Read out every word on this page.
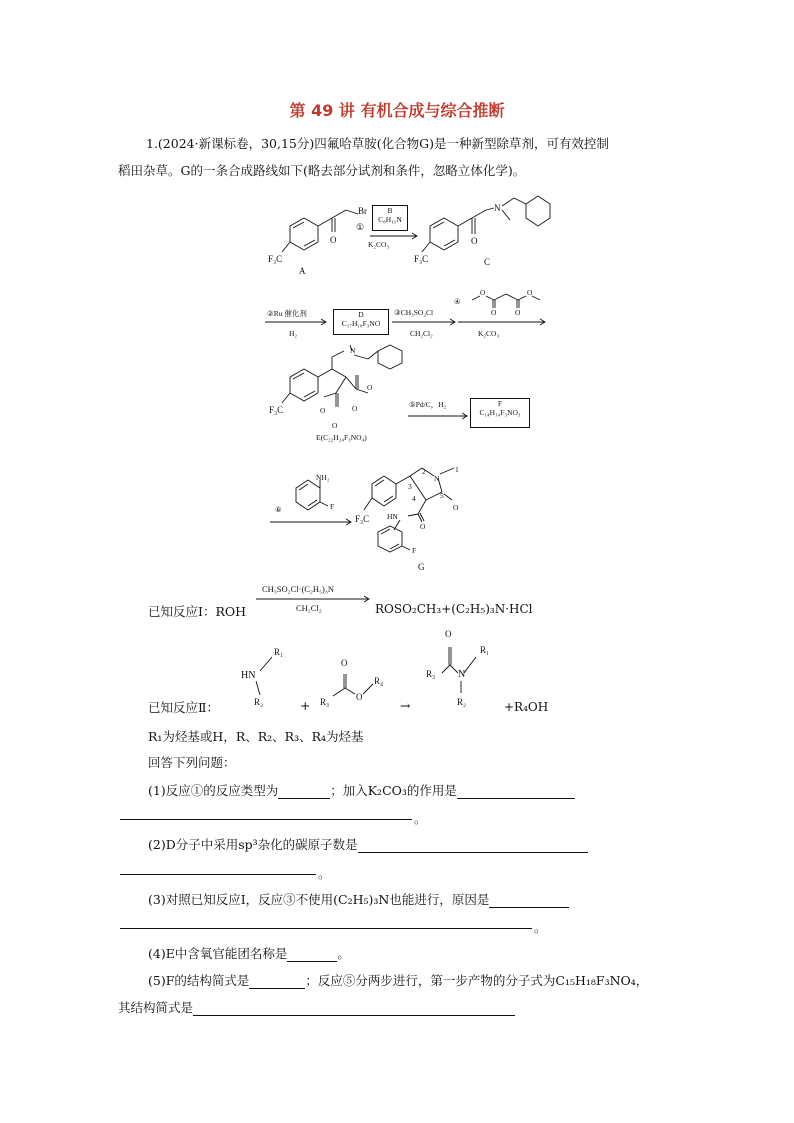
第 49 讲 有机合成与综合推断
1.(2024·新课标卷，30,15分)四氟哈草胺(化合物G)是一种新型除草剂，可有效控制
稻田杂草。G的一条合成路线如下(略去部分试剂和条件，忽略立体化学)。
Br
O
F₃C
A
①
B
C₈H₁₁N
K₂CO₃
N
O
F₃C	C
②Ru 催化剂
H₂
D
C₁₇H₁₈F₃NO
③CH₃SO₂Cl
CH₂Cl₂
④
O	O
O O
K₂CO₃
N
O
O
O
O
F₃C
E(C₂₂H₂₄F₃NO₄)
⑤Pd/C，H₂	F
C₁₄H₁₄F₃NO₃
NH₂
F
⑥
N
2	1
3
4	5
O
O
HN
F
F₃C
G
已知反应Ⅰ：ROH
CH₃SO₂Cl·(C₂H₅)₃N
CH₂Cl₂	ROSO₂CH₃+(C₂H₅)₃N·HCl
已知反应Ⅱ：
R₁
HN
R₂	+
O
R₃	O
R₄
→
O
R₁
R₃ N
R₂	+R₄OH
R₁为烃基或H，R、R₂、R₃、R₄为烃基
回答下列问题：
(1)反应①的反应类型为	；加入K₂CO₃的作用是
。
(2)D分子中采用sp³杂化的碳原子数是
。
(3)对照已知反应Ⅰ，反应③不使用(C₂H₅)₃N也能进行，原因是
。
(4)E中含氧官能团名称是	。
(5)F的结构简式是	；反应⑤分两步进行，第一步产物的分子式为C₁₅H₁₈F₃NO₄，
其结构简式是
